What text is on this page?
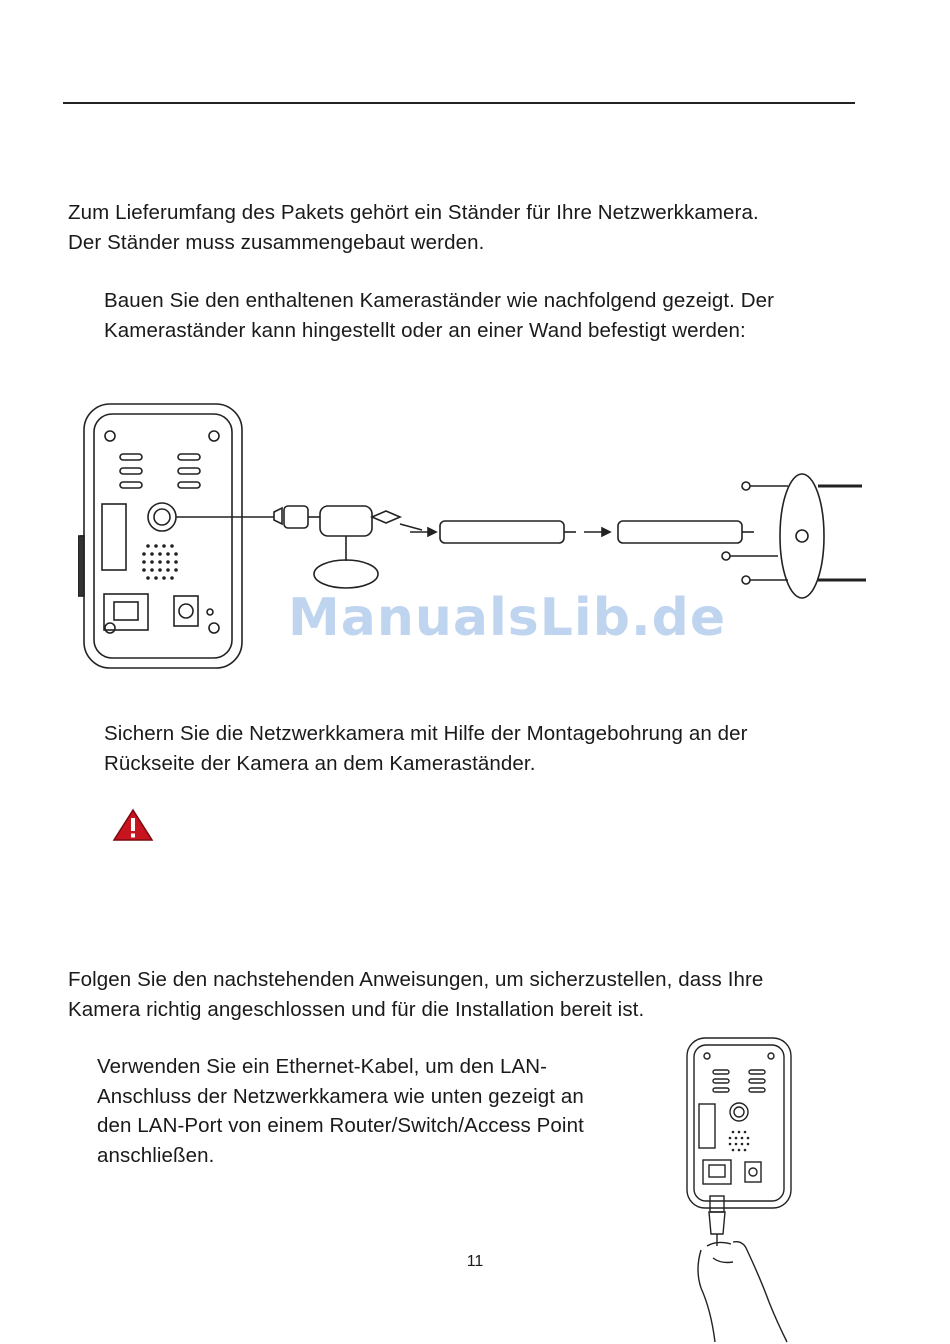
Zum Lieferumfang des Pakets gehört ein Ständer für Ihre Netzwerkkamera.
Der Ständer muss zusammengebaut werden.
Bauen Sie den enthaltenen Kameraständer wie nachfolgend gezeigt. Der
Kameraständer kann hingestellt oder an einer Wand befestigt werden:
ManualsLib.de
Sichern Sie die Netzwerkkamera mit Hilfe der Montagebohrung an der
Rückseite der Kamera an dem Kameraständer.
Folgen Sie den nachstehenden Anweisungen, um sicherzustellen, dass Ihre
Kamera richtig angeschlossen und für die Installation bereit ist.
Verwenden Sie ein Ethernet-Kabel, um den LAN-
Anschluss der Netzwerkkamera wie unten gezeigt an
den LAN-Port von einem Router/Switch/Access Point
anschließen.
11
